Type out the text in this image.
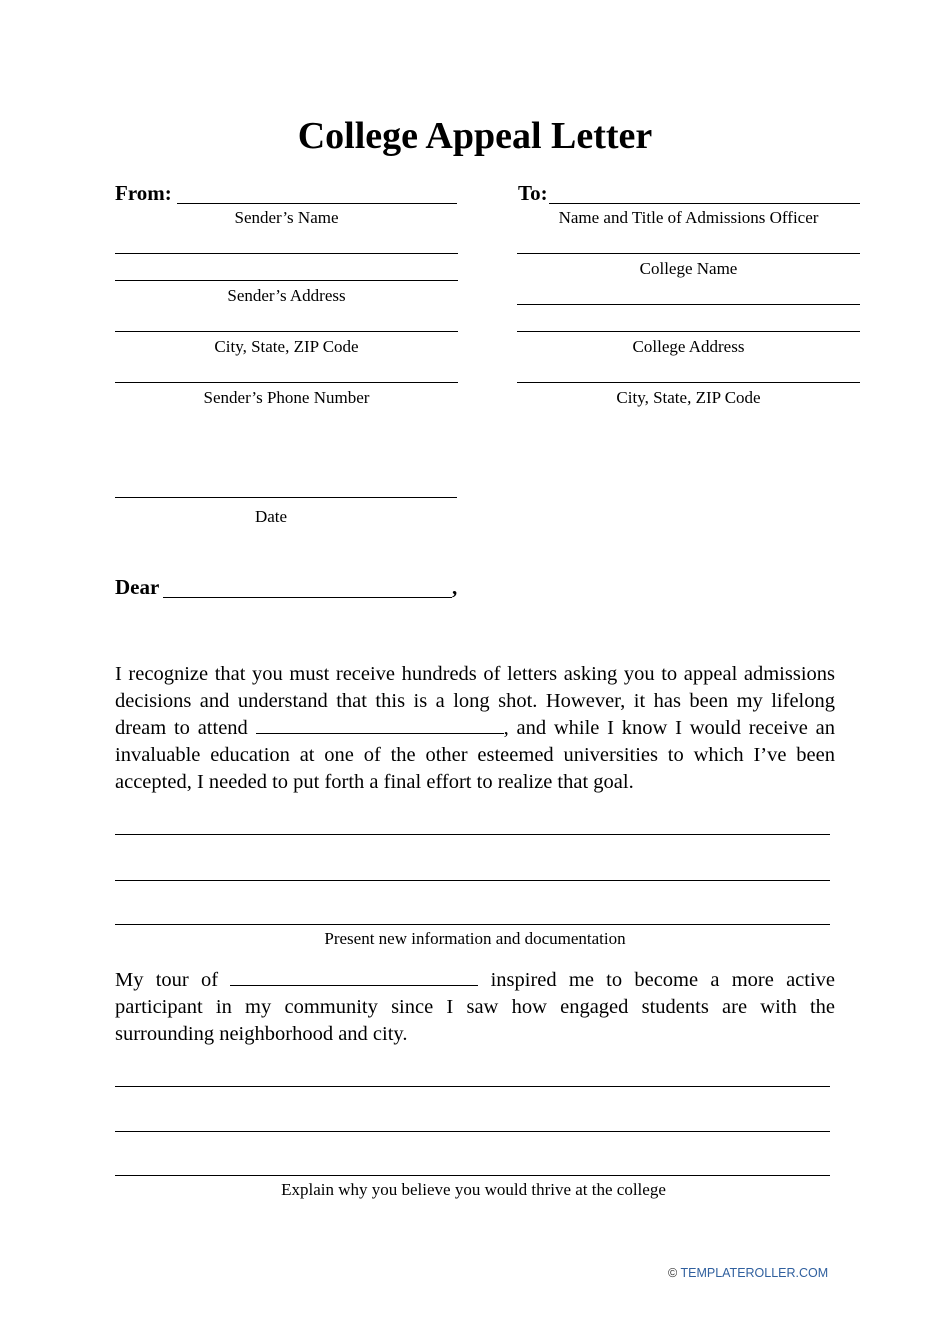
College Appeal Letter
From:
Sender’s Name
Sender’s Address
City, State, ZIP Code
Sender’s Phone Number
Date
To:
Name and Title of Admissions Officer
College Name
College Address
City, State, ZIP Code
Dear	,
I recognize that you must receive hundreds of letters asking you to appeal admissions decisions and understand that this is a long shot. However, it has been my lifelong dream to attend	, and while I know I would receive an invaluable education at one of the other esteemed universities to which I’ve been accepted, I needed to put forth a final effort to realize that goal.
Present new information and documentation
My tour of	inspired me to become a more active participant in my community since I saw how engaged students are with the surrounding neighborhood and city.
Explain why you believe you would thrive at the college
© TEMPLATEROLLER.COM
